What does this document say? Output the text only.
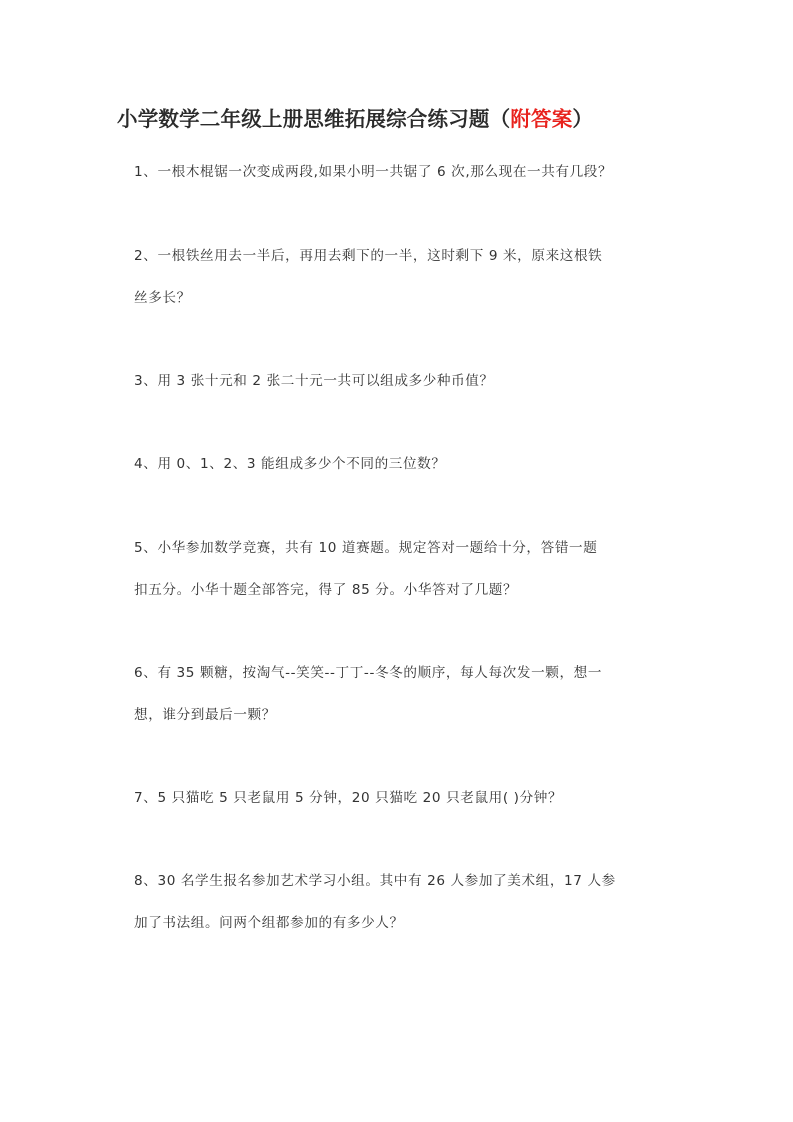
小学数学二年级上册思维拓展综合练习题（附答案）
1、一根木棍锯一次变成两段,如果小明一共锯了 6 次,那么现在一共有几段？
2、一根铁丝用去一半后，再用去剩下的一半，这时剩下 9 米，原来这根铁
丝多长？
3、用 3 张十元和 2 张二十元一共可以组成多少种币值？
4、用 0、1、2、3 能组成多少个不同的三位数？
5、小华参加数学竞赛，共有 10 道赛题。规定答对一题给十分，答错一题
扣五分。小华十题全部答完，得了 85 分。小华答对了几题？
6、有 35 颗糖，按淘气--笑笑--丁丁--冬冬的顺序，每人每次发一颗，想一
想，谁分到最后一颗？
7、5 只猫吃 5 只老鼠用 5 分钟，20 只猫吃 20 只老鼠用( )分钟？
8、30 名学生报名参加艺术学习小组。其中有 26 人参加了美术组，17 人参
加了书法组。问两个组都参加的有多少人？
